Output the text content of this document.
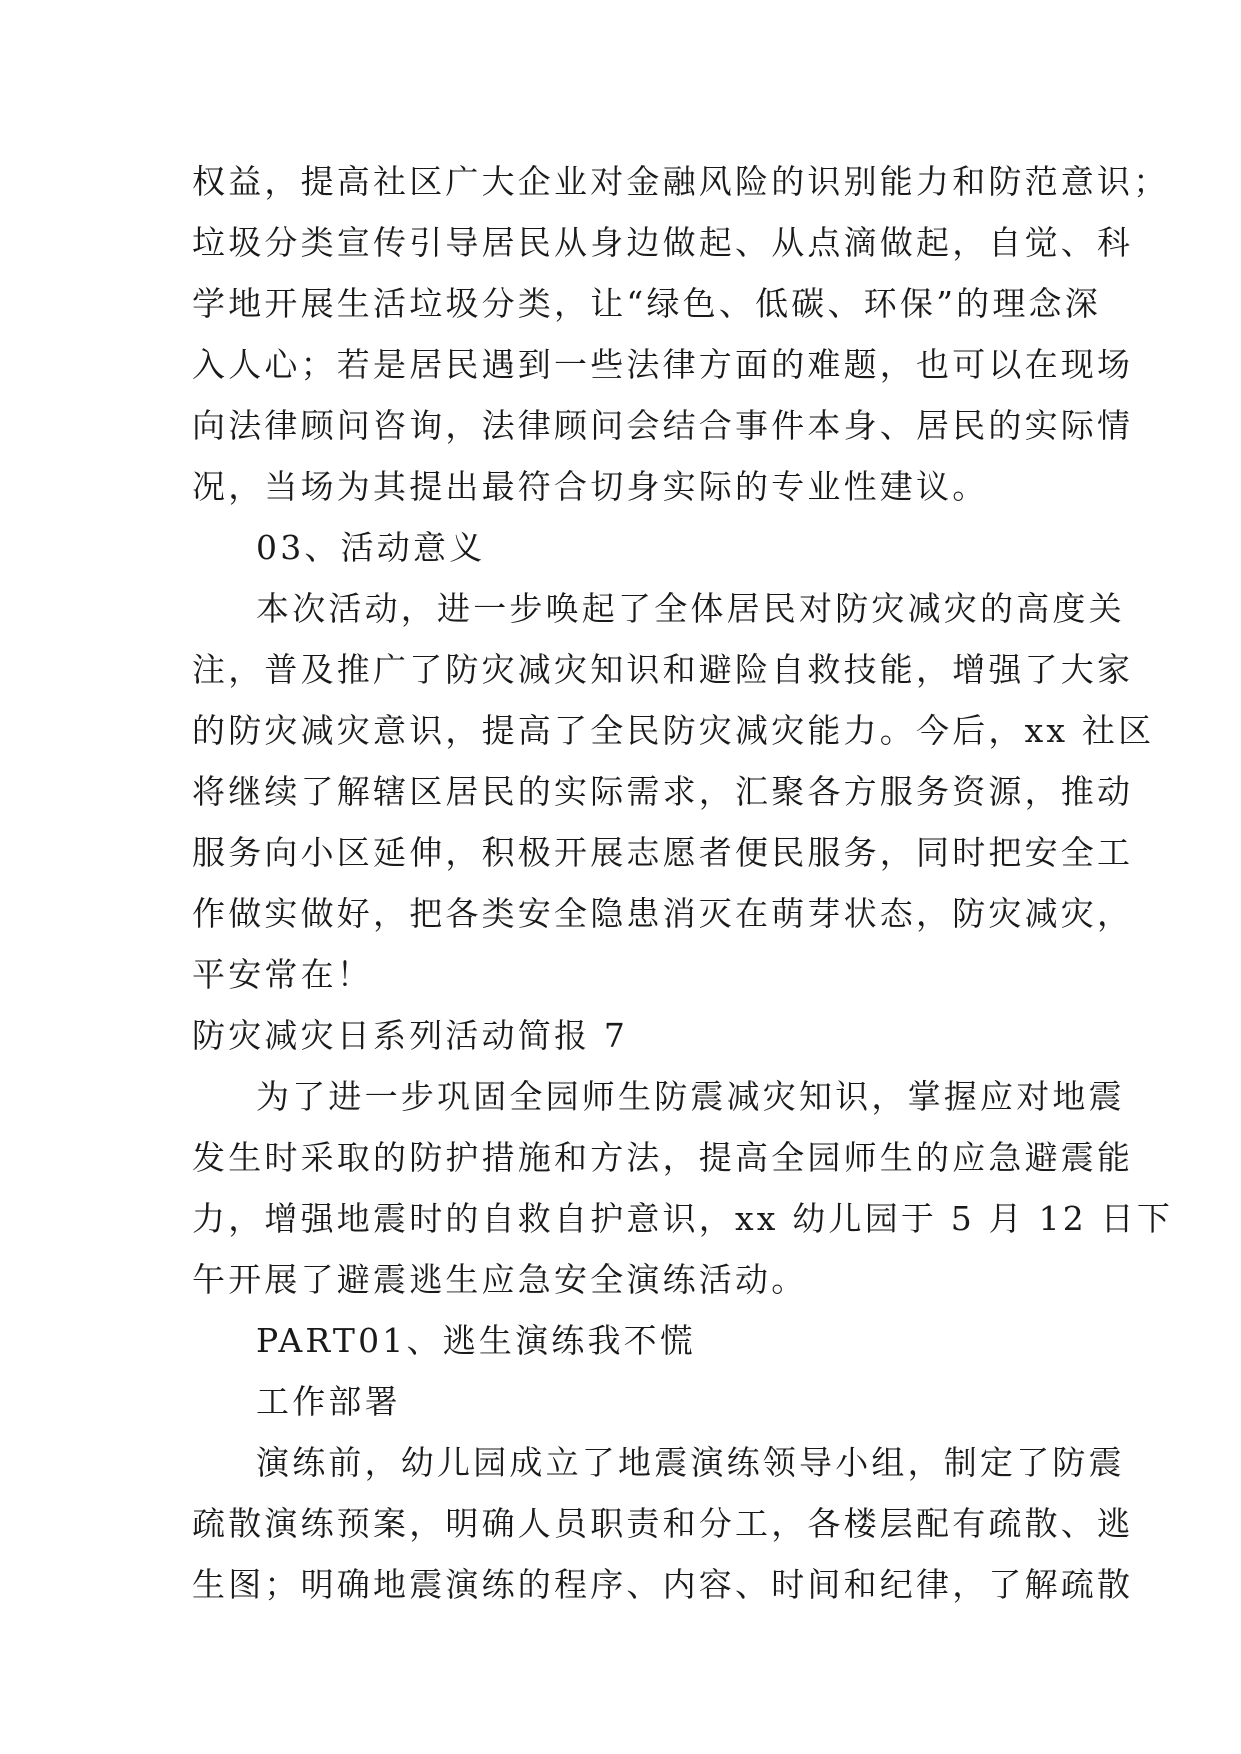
权益，提高社区广大企业对金融风险的识别能力和防范意识；
垃圾分类宣传引导居民从身边做起、从点滴做起，自觉、科
学地开展生活垃圾分类，让“绿色、低碳、环保”的理念深
入人心；若是居民遇到一些法律方面的难题，也可以在现场
向法律顾问咨询，法律顾问会结合事件本身、居民的实际情
况，当场为其提出最符合切身实际的专业性建议。
03、活动意义
本次活动，进一步唤起了全体居民对防灾减灾的高度关
注，普及推广了防灾减灾知识和避险自救技能，增强了大家
的防灾减灾意识，提高了全民防灾减灾能力。今后，xx 社区
将继续了解辖区居民的实际需求，汇聚各方服务资源，推动
服务向小区延伸，积极开展志愿者便民服务，同时把安全工
作做实做好，把各类安全隐患消灭在萌芽状态，防灾减灾，
平安常在！
防灾减灾日系列活动简报 7
为了进一步巩固全园师生防震减灾知识，掌握应对地震
发生时采取的防护措施和方法，提高全园师生的应急避震能
力，增强地震时的自救自护意识，xx 幼儿园于 5 月 12 日下
午开展了避震逃生应急安全演练活动。
PART01、逃生演练我不慌
工作部署
演练前，幼儿园成立了地震演练领导小组，制定了防震
疏散演练预案，明确人员职责和分工，各楼层配有疏散、逃
生图；明确地震演练的程序、内容、时间和纪律，了解疏散
